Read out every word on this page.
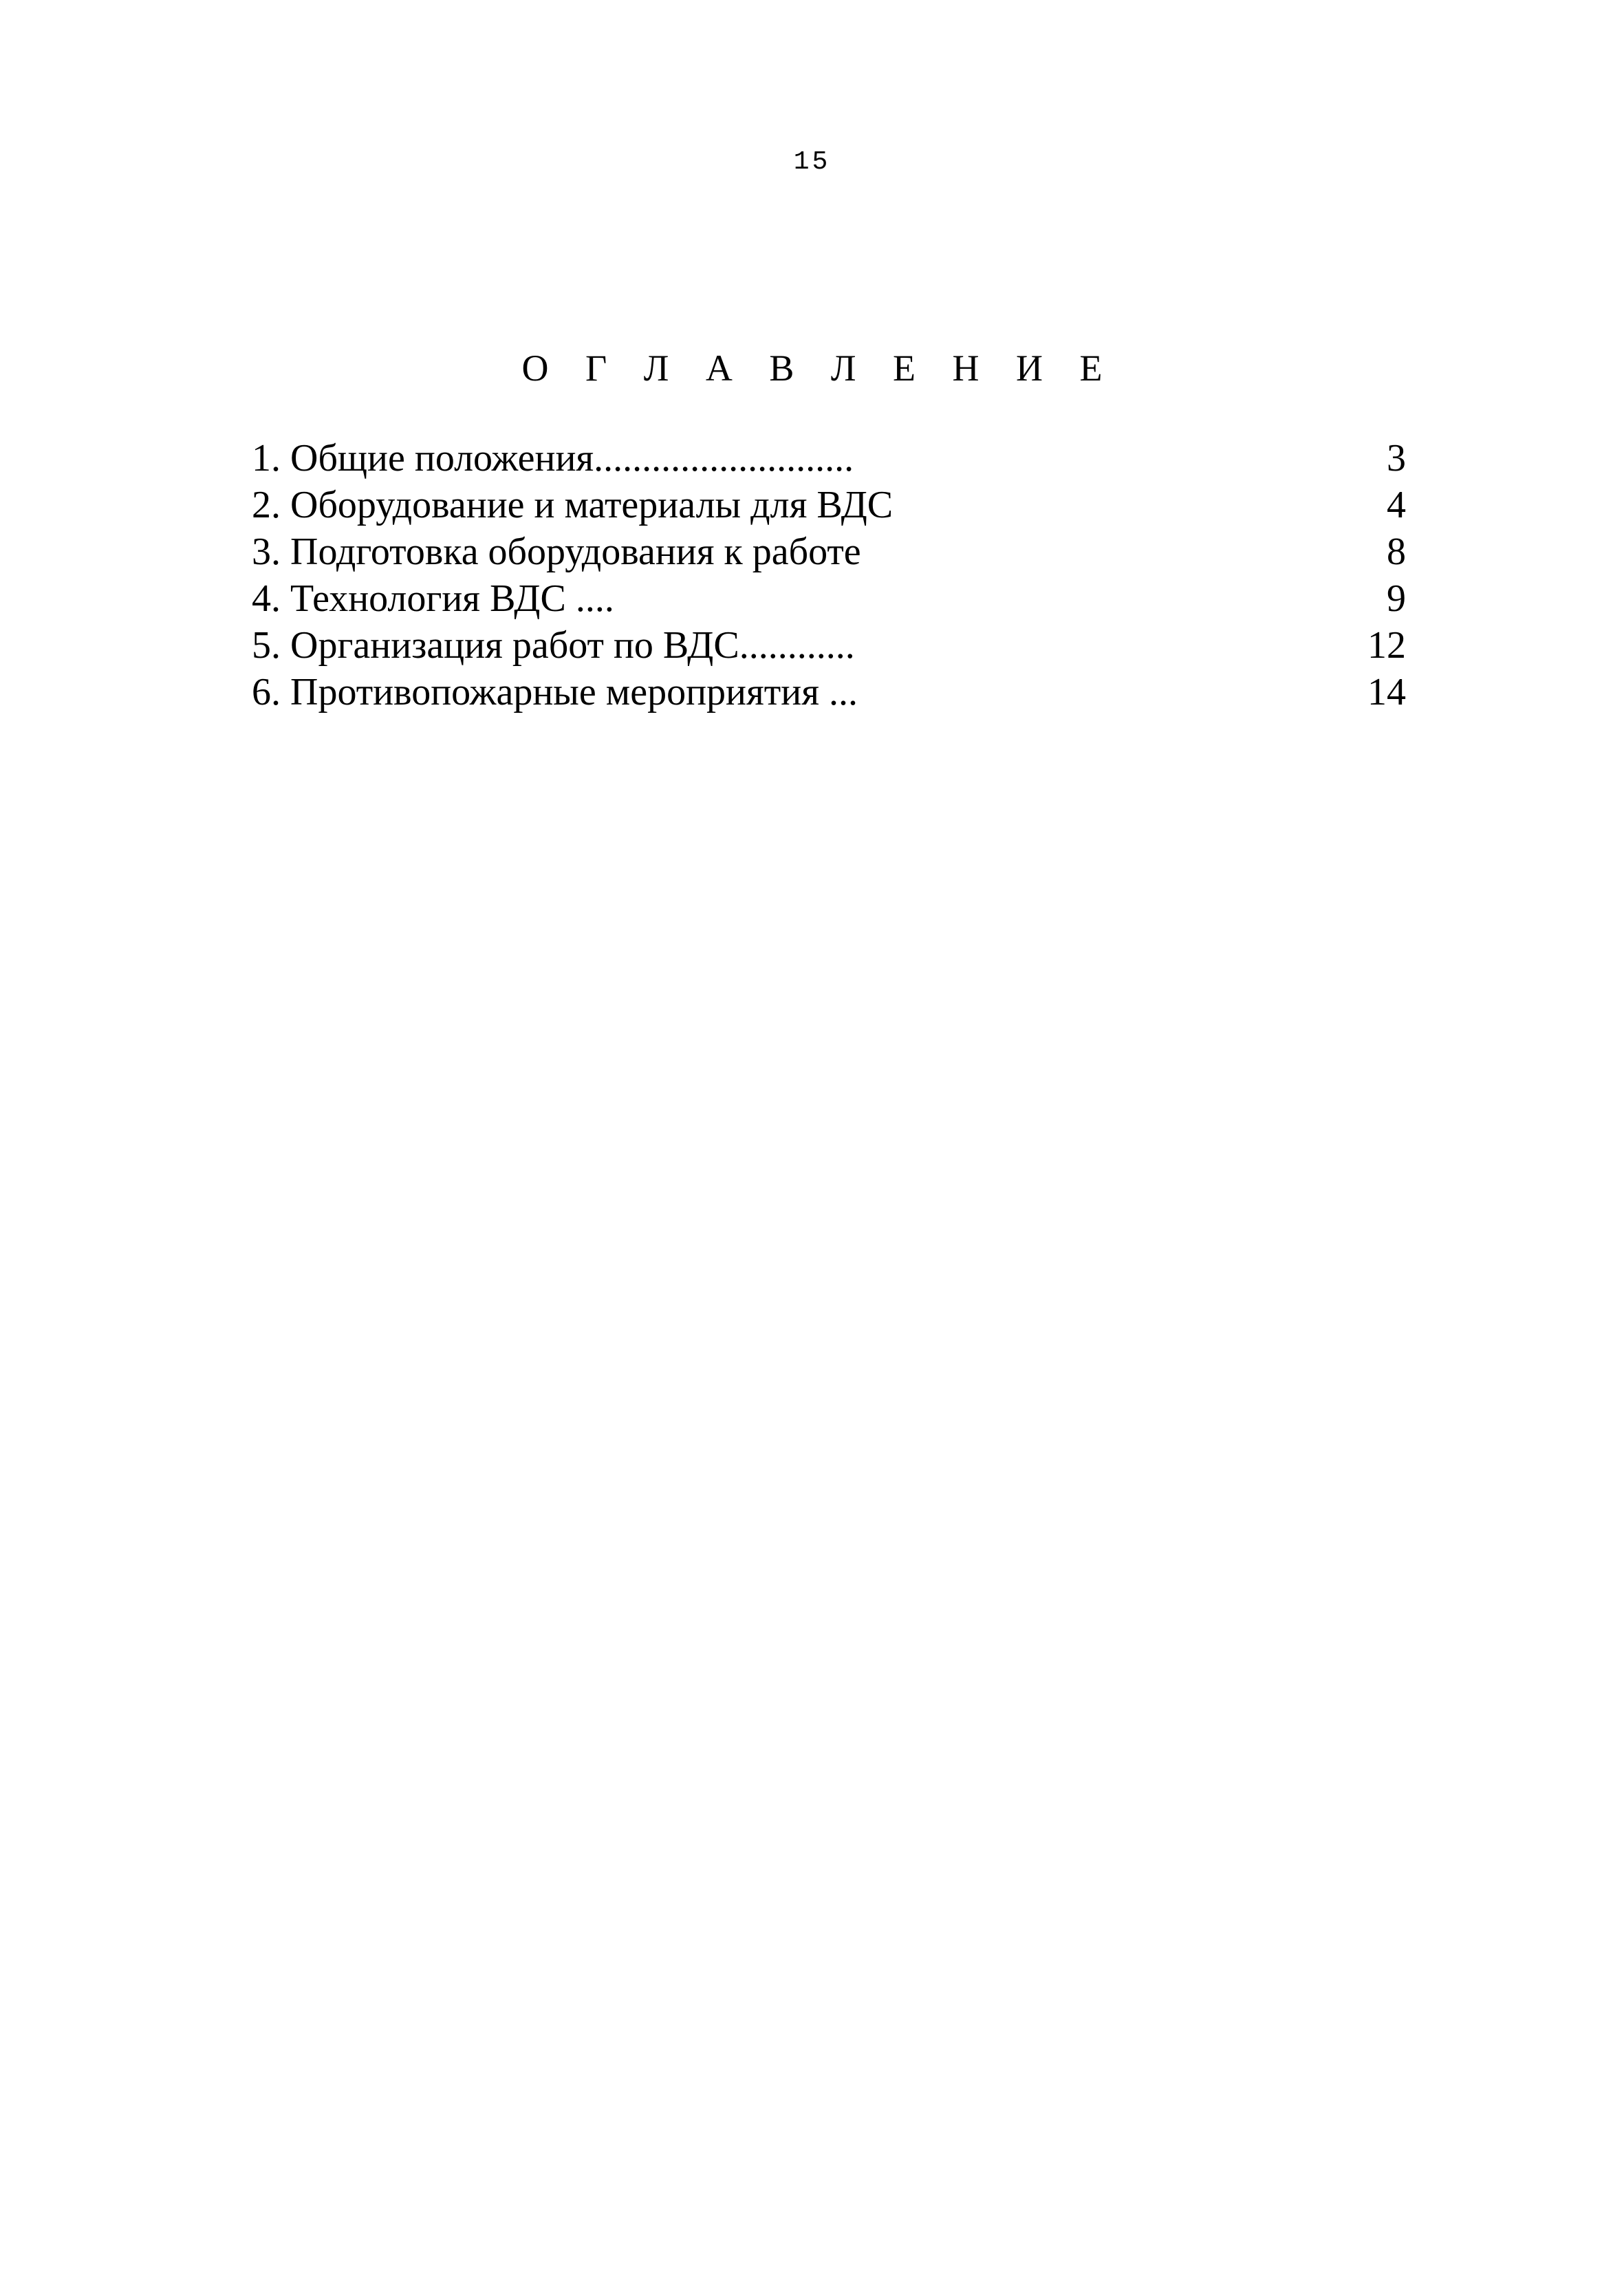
15
О Г Л А В Л Е Н И Е
1. Общие положения...........................	3
2. Оборудование и материалы для ВДС	4
3. Подготовка оборудования к работе	8
4. Технология ВДС ....	9
5. Организация работ по ВДС............	12
6. Противопожарные мероприятия ...	14
